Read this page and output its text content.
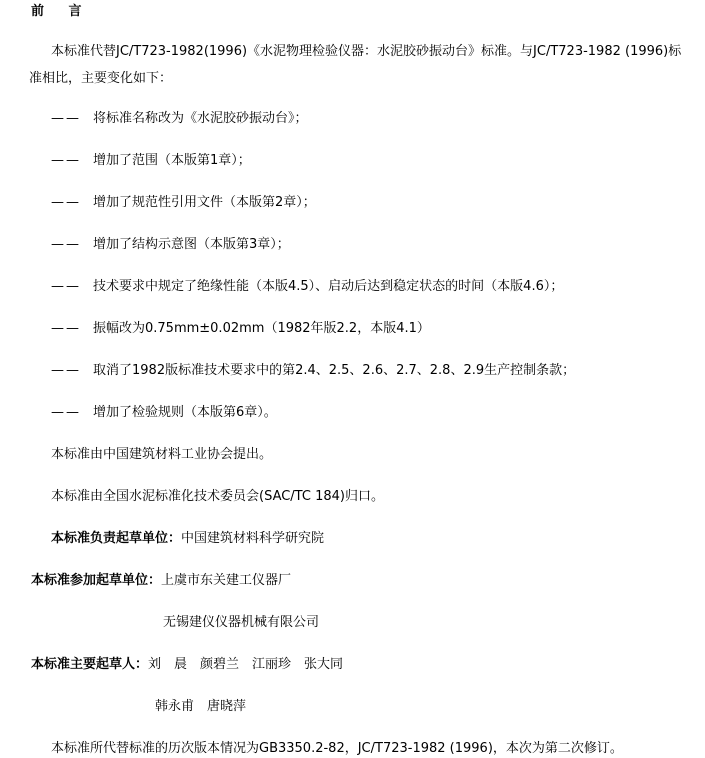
前 言
本标准代替JC/T723-1982(1996)《水泥物理检验仪器：水泥胶砂振动台》标准。与JC/T723-1982 (1996)标
准相比，主要变化如下：
—— 将标准名称改为《水泥胶砂振动台》；
—— 增加了范围（本版第1章）；
—— 增加了规范性引用文件（本版第2章）；
—— 增加了结构示意图（本版第3章）；
—— 技术要求中规定了绝缘性能（本版4.5）、启动后达到稳定状态的时间（本版4.6）；
—— 振幅改为0.75mm±0.02mm（1982年版2.2，本版4.1）
—— 取消了1982版标准技术要求中的第2.4、2.5、2.6、2.7、2.8、2.9生产控制条款；
—— 增加了检验规则（本版第6章）。
本标准由中国建筑材料工业协会提出。
本标准由全国水泥标准化技术委员会(SAC/TC 184)归口。
本标准负责起草单位：中国建筑材料科学研究院
本标准参加起草单位：上虞市东关建工仪器厂
无锡建仪仪器机械有限公司
本标准主要起草人：刘　晨　颜碧兰　江丽珍　张大同
韩永甫　唐晓萍
本标准所代替标准的历次版本情况为GB3350.2-82，JC/T723-1982 (1996)，本次为第二次修订。
